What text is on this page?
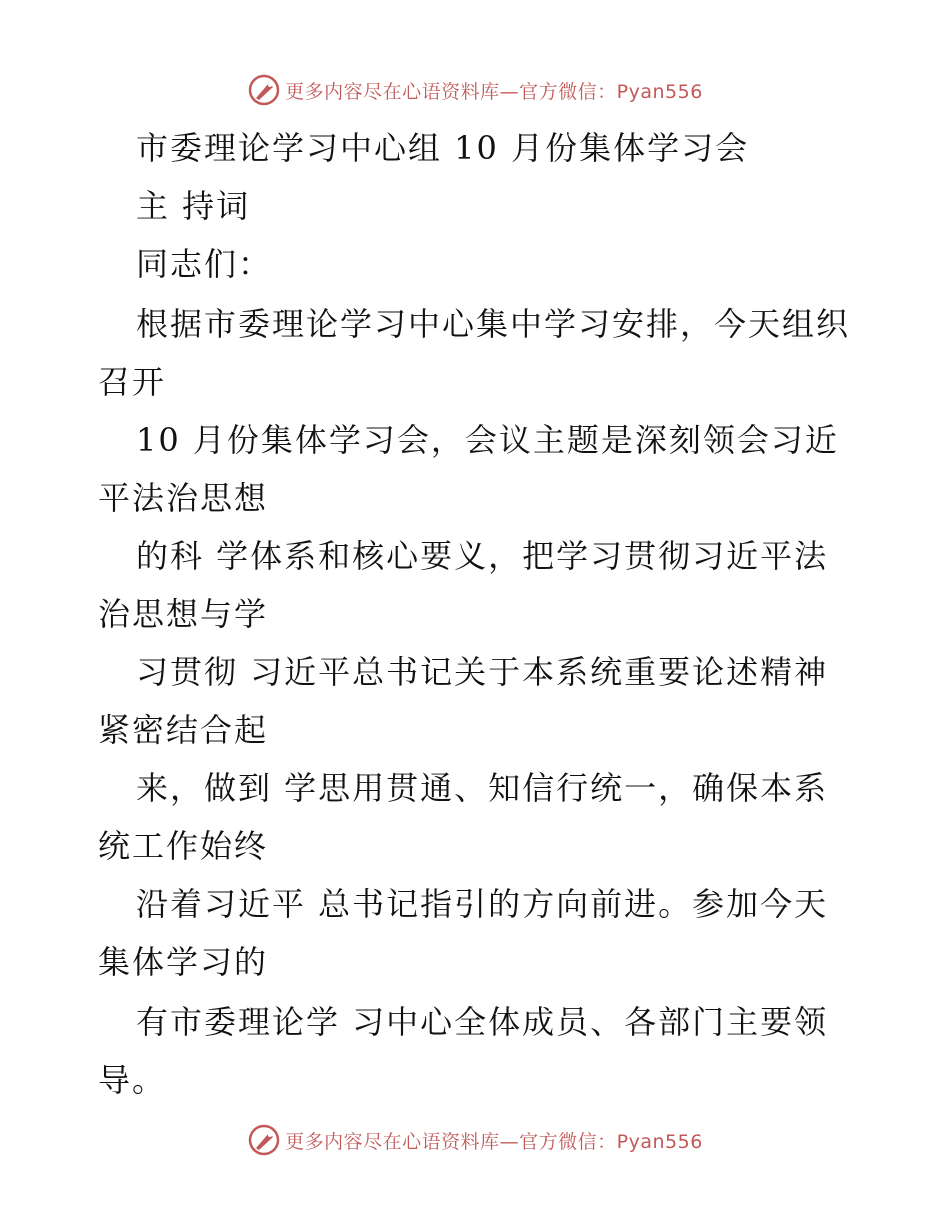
更多内容尽在心语资料库—官方微信：Pyan556
市委理论学习中心组 10 月份集体学习会
主 持词
同志们：
根据市委理论学习中心集中学习安排，今天组织
召开
10 月份集体学习会，会议主题是深刻领会习近
平法治思想
的科 学体系和核心要义，把学习贯彻习近平法
治思想与学
习贯彻 习近平总书记关于本系统重要论述精神
紧密结合起
来，做到 学思用贯通、知信行统一，确保本系
统工作始终
沿着习近平 总书记指引的方向前进。参加今天
集体学习的
有市委理论学 习中心全体成员、各部门主要领
导。
更多内容尽在心语资料库—官方微信：Pyan556
